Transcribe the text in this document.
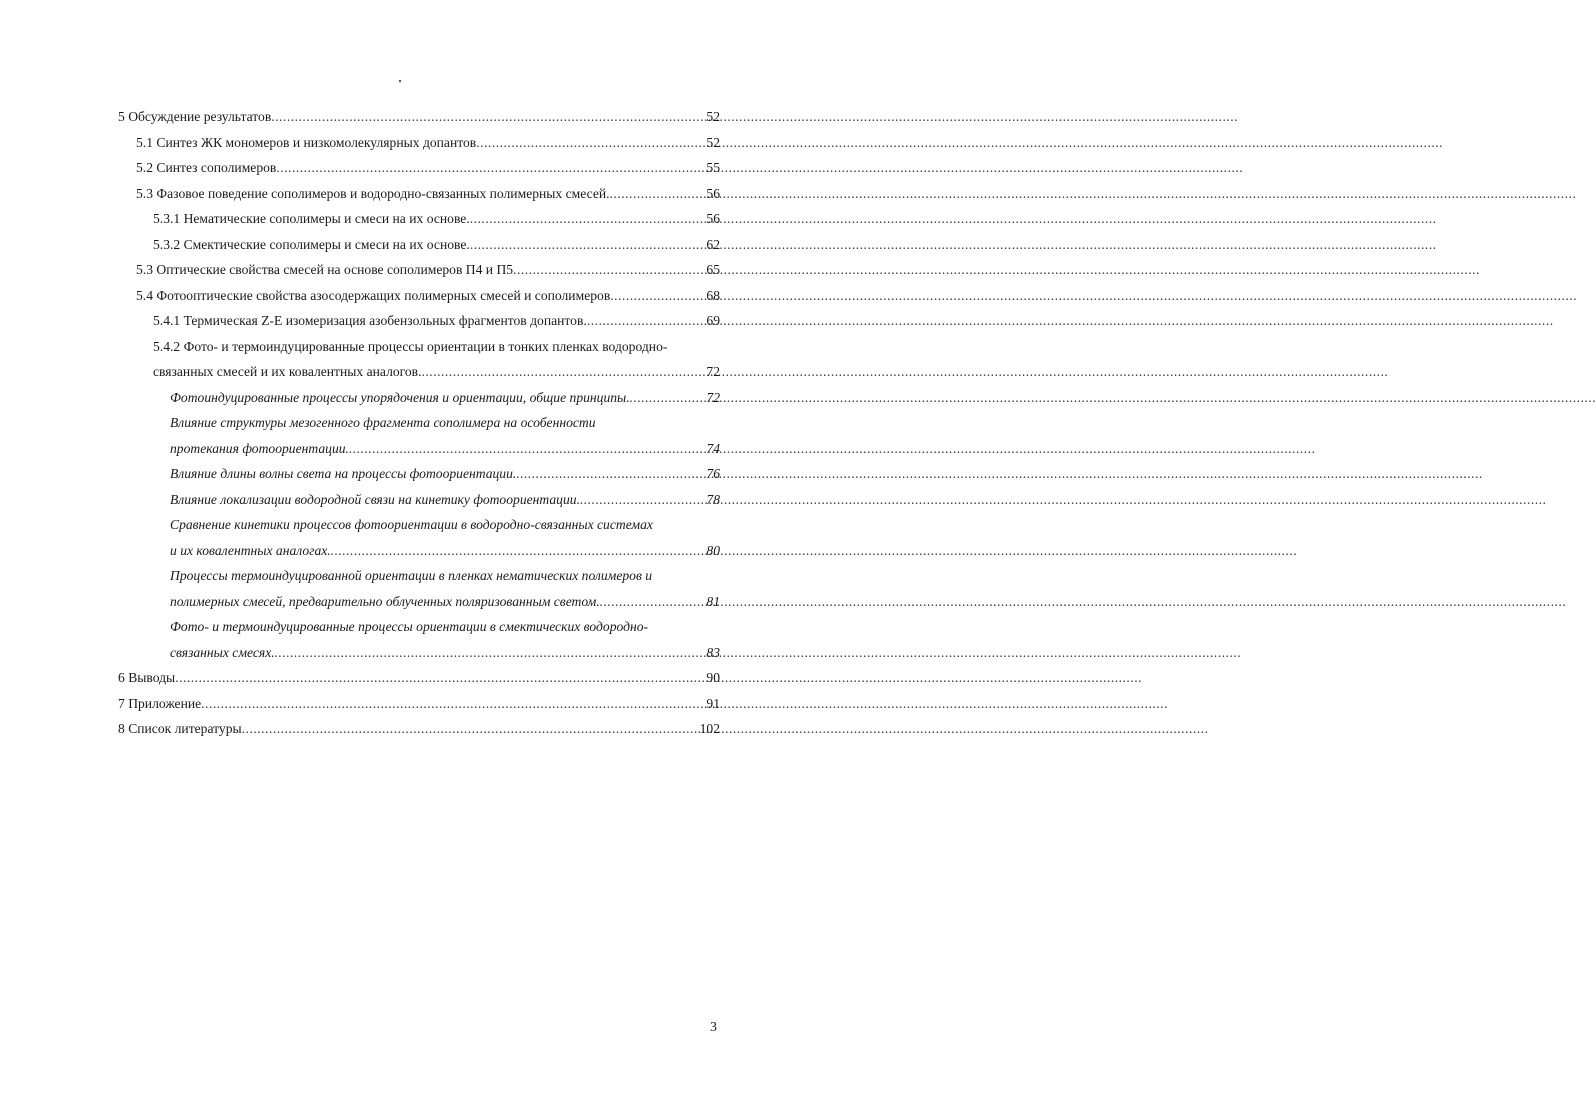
5 Обсуждение результатов .....	52
5.1 Синтез ЖК мономеров и низкомолекулярных допантов .....	52
5.2 Синтез сополимеров .....	55
5.3 Фазовое поведение сополимеров и водородно-связанных полимерных смесей. .....	56
5.3.1 Нематические сополимеры и смеси на их основе. .....	56
5.3.2 Смектические сополимеры и смеси на их основе. .....	62
5.3 Оптические свойства смесей на основе сополимеров П4 и П5 .....	65
5.4 Фотооптические свойства азосодержащих полимерных смесей и сополимеров .....	68
5.4.1 Термическая Z-E изомеризация азобензольных фрагментов допантов. .....	69
5.4.2 Фото- и термоиндуцированные процессы ориентации в тонких пленках водородно-
связанных смесей и их ковалентных аналогов. .....	72
Фотоиндуцированные процессы упорядочения и ориентации, общие принципы. .....	72
Влияние структуры мезогенного фрагмента сополимера на особенности
протекания фотоориентации. .....	74
Влияние длины волны света на процессы фотоориентации. .....	76
Влияние локализации водородной связи на кинетику фотоориентации. .....	78
Сравнение кинетики процессов фотоориентации в водородно-связанных системах
и их ковалентных аналогах. .....	80
Процессы термоиндуцированной ориентации в пленках нематических полимеров и
полимерных смесей, предварительно облученных поляризованным светом. .....	81
Фото- и термоиндуцированные процессы ориентации в смектических водородно-
связанных смесях. .....	83
6 Выводы .....	90
7 Приложение .....	91
8 Список литературы .....	102
3
